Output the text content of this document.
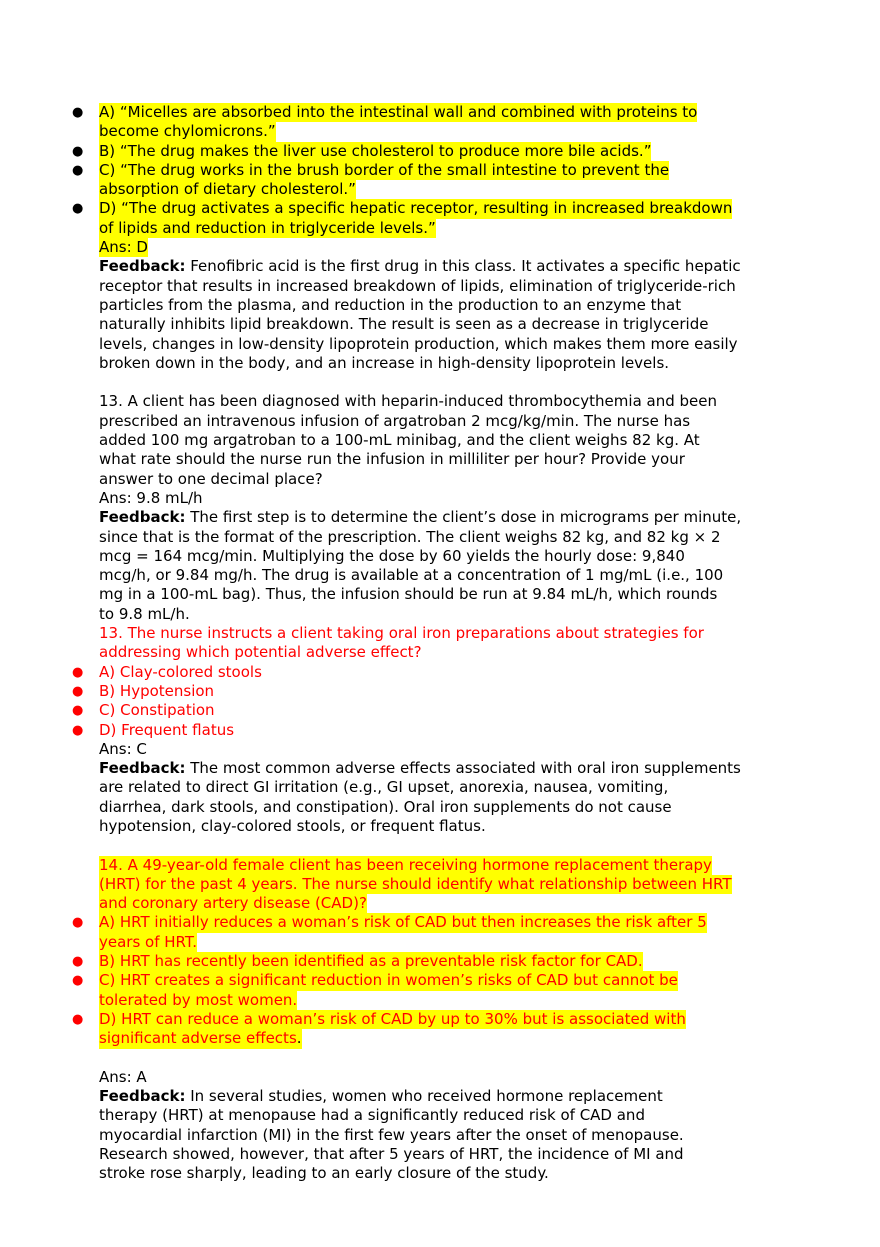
● A) “Micelles are absorbed into the intestinal wall and combined with proteins to
become chylomicrons.”
● B) “The drug makes the liver use cholesterol to produce more bile acids.”
● C) “The drug works in the brush border of the small intestine to prevent the
absorption of dietary cholesterol.”
● D) “The drug activates a specific hepatic receptor, resulting in increased breakdown
of lipids and reduction in triglyceride levels.”
Ans: D
Feedback: Fenofibric acid is the first drug in this class. It activates a specific hepatic
receptor that results in increased breakdown of lipids, elimination of triglyceride-rich
particles from the plasma, and reduction in the production to an enzyme that
naturally inhibits lipid breakdown. The result is seen as a decrease in triglyceride
levels, changes in low-density lipoprotein production, which makes them more easily
broken down in the body, and an increase in high-density lipoprotein levels.
13. A client has been diagnosed with heparin-induced thrombocythemia and been
prescribed an intravenous infusion of argatroban 2 mcg/kg/min. The nurse has
added 100 mg argatroban to a 100-mL minibag, and the client weighs 82 kg. At
what rate should the nurse run the infusion in milliliter per hour? Provide your
answer to one decimal place?
Ans: 9.8 mL/h
Feedback: The first step is to determine the client’s dose in micrograms per minute,
since that is the format of the prescription. The client weighs 82 kg, and 82 kg × 2
mcg = 164 mcg/min. Multiplying the dose by 60 yields the hourly dose: 9,840
mcg/h, or 9.84 mg/h. The drug is available at a concentration of 1 mg/mL (i.e., 100
mg in a 100-mL bag). Thus, the infusion should be run at 9.84 mL/h, which rounds
to 9.8 mL/h.
13. The nurse instructs a client taking oral iron preparations about strategies for
addressing which potential adverse effect?
● A) Clay-colored stools
● B) Hypotension
● C) Constipation
● D) Frequent flatus
Ans: C
Feedback: The most common adverse effects associated with oral iron supplements
are related to direct GI irritation (e.g., GI upset, anorexia, nausea, vomiting,
diarrhea, dark stools, and constipation). Oral iron supplements do not cause
hypotension, clay-colored stools, or frequent flatus.
14. A 49-year-old female client has been receiving hormone replacement therapy
(HRT) for the past 4 years. The nurse should identify what relationship between HRT
and coronary artery disease (CAD)?
● A) HRT initially reduces a woman’s risk of CAD but then increases the risk after 5
years of HRT.
● B) HRT has recently been identified as a preventable risk factor for CAD.
● C) HRT creates a significant reduction in women’s risks of CAD but cannot be
tolerated by most women.
● D) HRT can reduce a woman’s risk of CAD by up to 30% but is associated with
significant adverse effects.
Ans: A
Feedback: In several studies, women who received hormone replacement
therapy (HRT) at menopause had a significantly reduced risk of CAD and
myocardial infarction (MI) in the first few years after the onset of menopause.
Research showed, however, that after 5 years of HRT, the incidence of MI and
stroke rose sharply, leading to an early closure of the study.
